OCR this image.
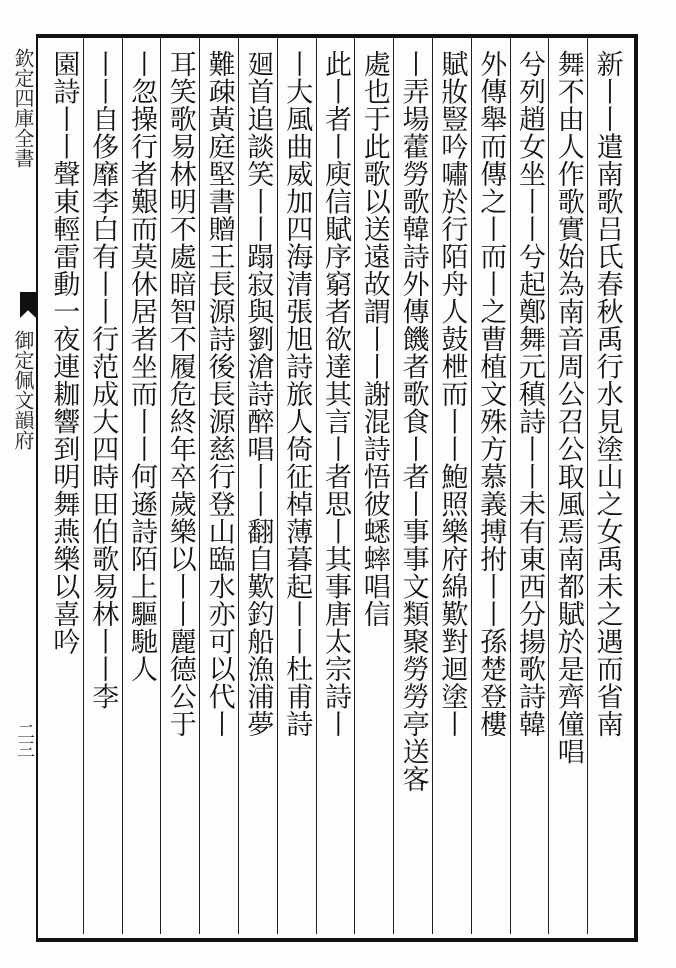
欽定四庫全書
御定佩文韻府
二三
新丨丨遣南歌吕氏春秋禹行水見塗山之女禹未之遇而省南
舞不由人作歌實始為南音周公召公取風焉南都賦於是齊僮唱
兮列趙女坐丨丨兮起鄭舞元稹詩丨丨未有東西分揚歌詩韓
外傳舉而傳之丨而丨之曹植文殊方慕義搏拊丨丨孫楚登樓
賦妝豎吟嘯於行陌舟人鼓枻而丨丨鮑照樂府綿歎對迴塗丨
丨弄場藿勞歌韓詩外傳饑者歌食丨者丨事事文類聚勞勞亭送客
處也于此歌以送遠故謂丨丨謝混詩悟彼蟋蟀唱信
此丨者丨庾信賦序窮者欲達其言丨者思丨其事唐太宗詩丨
丨大風曲威加四海清張旭詩旅人倚征棹薄暮起丨丨杜甫詩
廻首追談笑丨丨蹋寂與劉滄詩醉唱丨丨翻自歎釣船漁浦夢
難疎黃庭堅書贈王長源詩後長源慈行登山臨水亦可以代丨
耳笑歌易林明不處暗智不履危終年卒歲樂以丨丨麗德公于
丨忽操行者艱而莫休居者坐而丨丨何遜詩陌上驅馳人
丨丨自侈靡李白有丨丨行范成大四時田伯歌易林丨丨李
園詩丨丨聲東輕雷動一夜連耞響到明舞燕樂以喜吟
